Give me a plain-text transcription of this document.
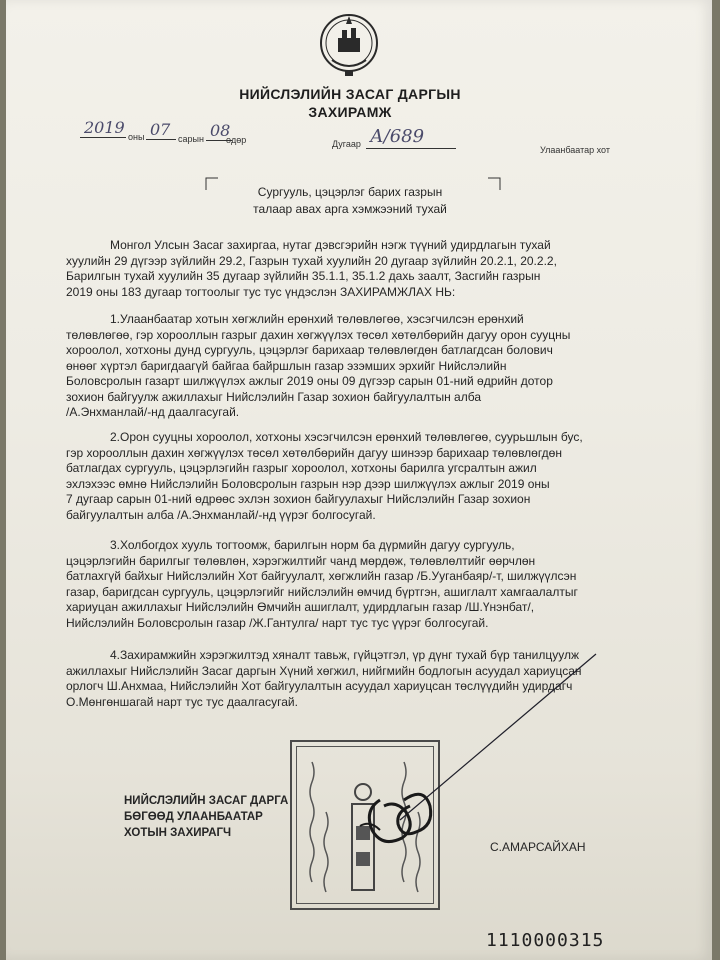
НИЙСЛЭЛИЙН ЗАСАГ ДАРГЫН
ЗАХИРАМЖ
2019 оны 07 сарын 08
өдөр	Дугаар А/689
Улаанбаатар хот
Сургууль, цэцэрлэг барих газрын
талаар авах арга хэмжээний тухай
Монгол Улсын Засаг захиргаа, нутаг дэвсгэрийн нэгж түүний удирдлагын тухай
хуулийн 29 дүгээр зүйлийн 29.2, Газрын тухай хуулийн 20 дугаар зүйлийн 20.2.1, 20.2.2,
Барилгын тухай хуулийн 35 дугаар зүйлийн 35.1.1, 35.1.2 дахь заалт, Засгийн газрын
2019 оны 183 дугаар тогтоолыг тус тус үндэслэн ЗАХИРАМЖЛАХ НЬ:
1.Улаанбаатар хотын хөгжлийн ерөнхий төлөвлөгөө, хэсэгчилсэн ерөнхий
төлөвлөгөө, гэр хорооллын газрыг дахин хөгжүүлэх төсөл хөтөлбөрийн дагуу орон сууцны
хороолол, хотхоны дунд сургууль, цэцэрлэг барихаар төлөвлөгдөн батлагдсан болович
өнөөг хүртэл баригдаагүй байгаа байршлын газар эзэмших эрхийг Нийслэлийн
Боловсролын газарт шилжүүлэх ажлыг 2019 оны 09 дүгээр сарын 01-ний өдрийн дотор
зохион байгуулж ажиллахыг Нийслэлийн Газар зохион байгуулалтын алба
/А.Энхманлай/-нд даалгасугай.
2.Орон сууцны хороолол, хотхоны хэсэгчилсэн ерөнхий төлөвлөгөө, суурьшлын бус,
гэр хорооллын дахин хөгжүүлэх төсөл хөтөлбөрийн дагуу шинээр барихаар төлөвлөгдөн
батлагдах сургууль, цэцэрлэгийн газрыг хороолол, хотхоны барилга угсралтын ажил
эхлэхээс өмнө Нийслэлийн Боловсролын газрын нэр дээр шилжүүлэх ажлыг 2019 оны
7 дугаар сарын 01-ний өдрөөс эхлэн зохион байгуулахыг Нийслэлийн Газар зохион
байгуулалтын алба /А.Энхманлай/-нд үүрэг болгосугай.
3.Холбогдох хууль тогтоомж, барилгын норм ба дүрмийн дагуу сургууль,
цэцэрлэгийн барилгыг төлөвлөн, хэрэгжилтийг чанд мөрдөж, төлөвлөлтийг өөрчлөн
батлахгүй байхыг Нийслэлийн Хот байгуулалт, хөгжлийн газар /Б.Ууганбаяр/-т, шилжүүлсэн
газар, баригдсан сургууль, цэцэрлэгийг нийслэлийн өмчид бүртгэн, ашиглалт хамгаалалтыг
хариуцан ажиллахыг Нийслэлийн Өмчийн ашиглалт, удирдлагын газар /Ш.Үнэнбат/,
Нийслэлийн Боловсролын газар /Ж.Гантулга/ нарт тус тус үүрэг болгосугай.
4.Захирамжийн хэрэгжилтэд хяналт тавьж, гүйцэтгэл, үр дүнг тухай бүр танилцуулж
ажиллахыг Нийслэлийн Засаг даргын Хүний хөгжил, нийгмийн бодлогын асуудал хариуцсан
орлогч Ш.Анхмаа, Нийслэлийн Хот байгуулалтын асуудал хариуцсан төслүүдийн удирдагч
О.Мөнгөншагай нарт тус тус даалгасугай.
НИЙСЛЭЛИЙН ЗАСАГ ДАРГА
БӨГӨӨД УЛААНБААТАР
ХОТЫН ЗАХИРАГЧ
С.АМАРСАЙХАН
1110000315
